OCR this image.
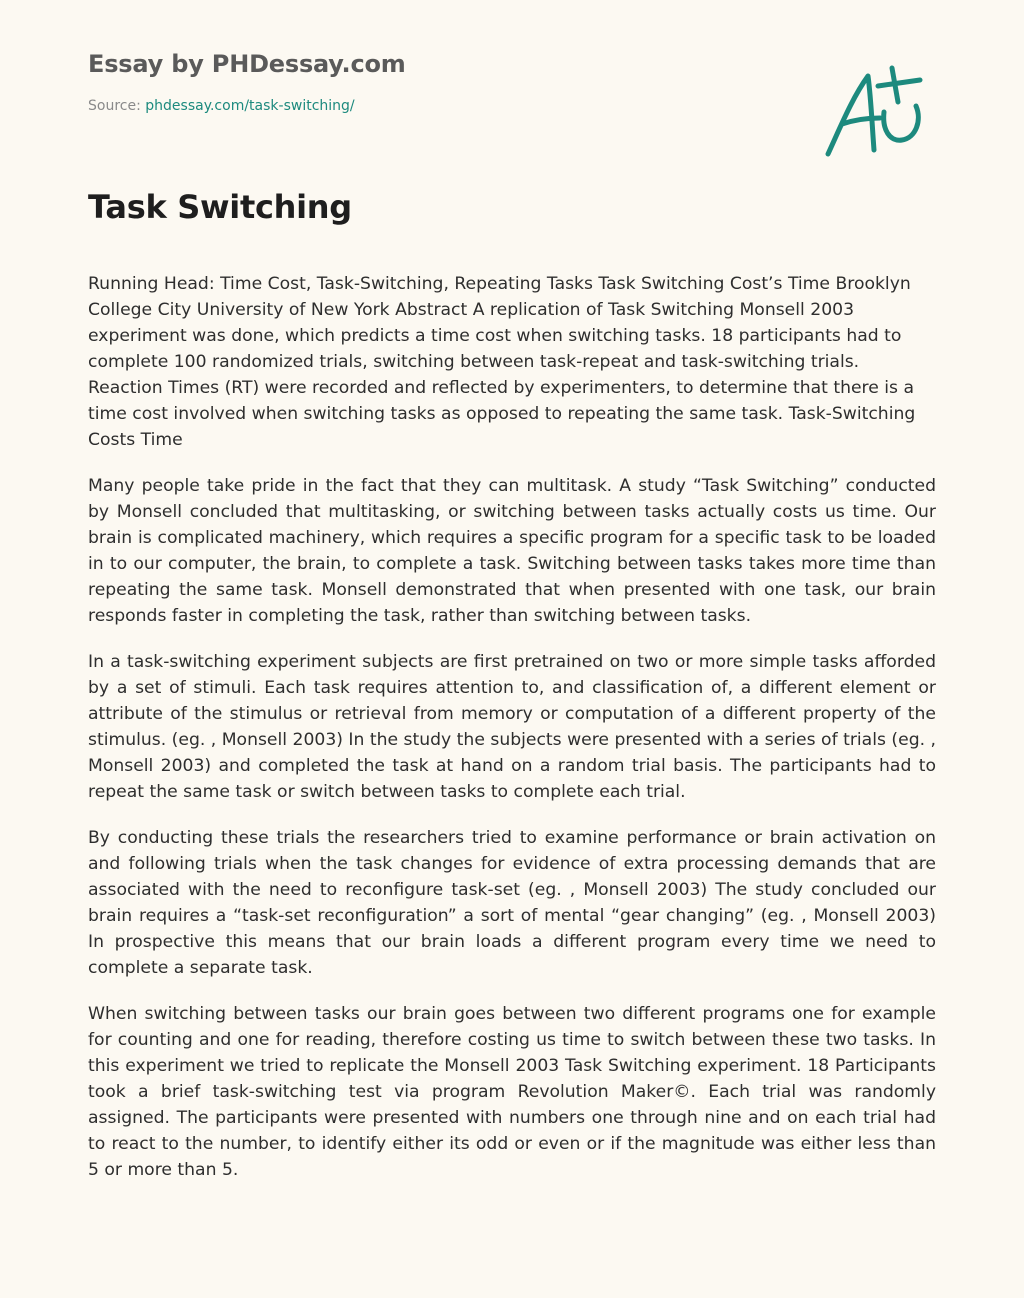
Essay by PHDessay.com
Source: phdessay.com/task-switching/
Task Switching

Running Head: Time Cost, Task-Switching, Repeating Tasks Task Switching Cost’s Time Brooklyn College City University of New York Abstract A replication of Task Switching Monsell 2003 experiment was done, which predicts a time cost when switching tasks. 18 participants had to complete 100 randomized trials, switching between task-repeat and task-switching trials. Reaction Times (RT) were recorded and reflected by experimenters, to determine that there is a time cost involved when switching tasks as opposed to repeating the same task. Task-Switching Costs Time

Many people take pride in the fact that they can multitask. A study “Task Switching” conducted by Monsell concluded that multitasking, or switching between tasks actually costs us time. Our brain is complicated machinery, which requires a specific program for a specific task to be loaded in to our computer, the brain, to complete a task. Switching between tasks takes more time than repeating the same task. Monsell demonstrated that when presented with one task, our brain responds faster in completing the task, rather than switching between tasks.

In a task-switching experiment subjects are first pretrained on two or more simple tasks afforded by a set of stimuli. Each task requires attention to, and classification of, a different element or attribute of the stimulus or retrieval from memory or computation of a different property of the stimulus. (eg. , Monsell 2003) In the study the subjects were presented with a series of trials (eg. , Monsell 2003) and completed the task at hand on a random trial basis. The participants had to repeat the same task or switch between tasks to complete each trial.

By conducting these trials the researchers tried to examine performance or brain activation on and following trials when the task changes for evidence of extra processing demands that are associated with the need to reconfigure task-set (eg. , Monsell 2003) The study concluded our brain requires a “task-set reconfiguration” a sort of mental “gear changing” (eg. , Monsell 2003) In prospective this means that our brain loads a different program every time we need to complete a separate task.

When switching between tasks our brain goes between two different programs one for example for counting and one for reading, therefore costing us time to switch between these two tasks. In this experiment we tried to replicate the Monsell 2003 Task Switching experiment. 18 Participants took a brief task-switching test via program Revolution Maker©. Each trial was randomly assigned. The participants were presented with numbers one through nine and on each trial had to react to the number, to identify either its odd or even or if the magnitude was either less than 5 or more than 5.
